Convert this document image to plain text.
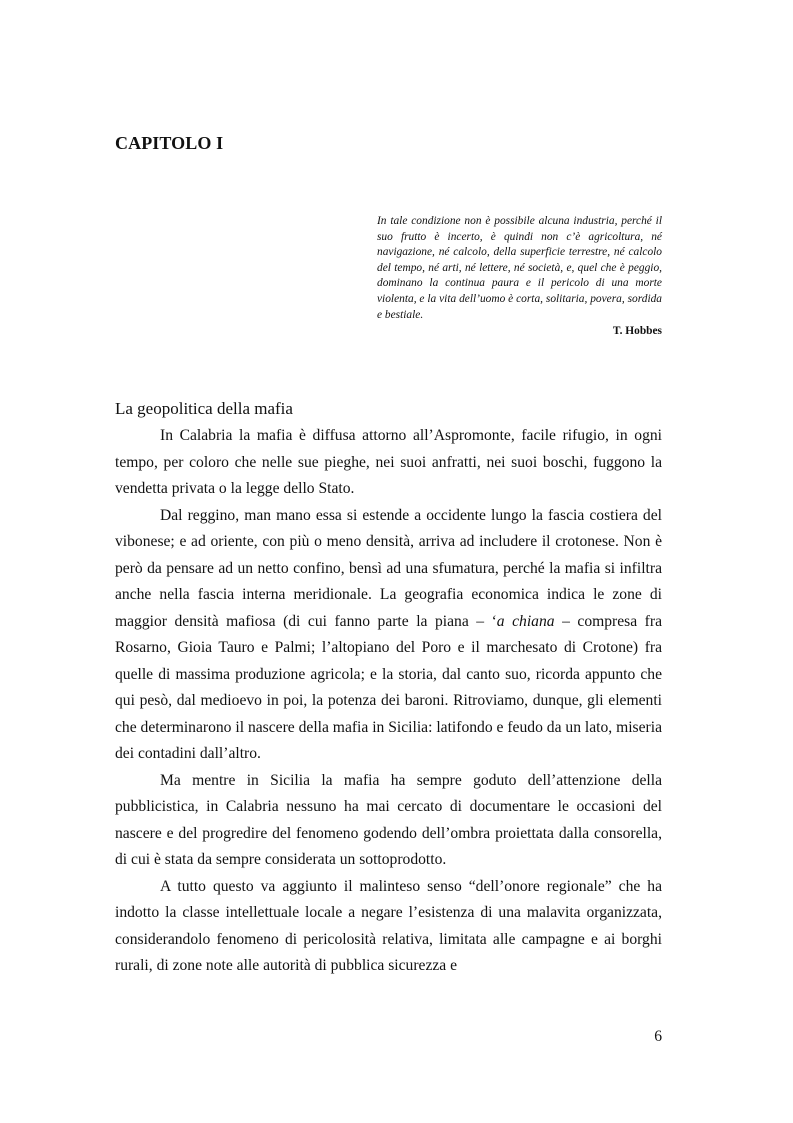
CAPITOLO I

In tale condizione non è possibile alcuna industria, perché il suo frutto è incerto, è quindi non c’è agricoltura, né navigazione, né calcolo, della superficie terrestre, né calcolo del tempo, né arti, né lettere, né società, e, quel che è peggio, dominano la continua paura e il pericolo di una morte violenta, e la vita dell’uomo è corta, solitaria, povera, sordida e bestiale.

T. Hobbes

La geopolitica della mafia

In Calabria la mafia è diffusa attorno all’Aspromonte, facile rifugio, in ogni tempo, per coloro che nelle sue pieghe, nei suoi anfratti, nei suoi boschi, fuggono la vendetta privata o la legge dello Stato.

Dal reggino, man mano essa si estende a occidente lungo la fascia costiera del vibonese; e ad oriente, con più o meno densità, arriva ad includere il crotonese. Non è però da pensare ad un netto confino, bensì ad una sfumatura, perché la mafia si infiltra anche nella fascia interna meridionale. La geografia economica indica le zone di maggior densità mafiosa (di cui fanno parte la piana – ‘a chiana – compresa fra Rosarno, Gioia Tauro e Palmi; l’altopiano del Poro e il marchesato di Crotone) fra quelle di massima produzione agricola; e la storia, dal canto suo, ricorda appunto che qui pesò, dal medioevo in poi, la potenza dei baroni. Ritroviamo, dunque, gli elementi che determinarono il nascere della mafia in Sicilia: latifondo e feudo da un lato, miseria dei contadini dall’altro.

Ma mentre in Sicilia la mafia ha sempre goduto dell’attenzione della pubblicistica, in Calabria nessuno ha mai cercato di documentare le occasioni del nascere e del progredire del fenomeno godendo dell’ombra proiettata dalla consorella, di cui è stata da sempre considerata un sottoprodotto.

A tutto questo va aggiunto il malinteso senso “dell’onore regionale” che ha indotto la classe intellettuale locale a negare l’esistenza di una malavita organizzata, considerandolo fenomeno di pericolosità relativa, limitata alle campagne e ai borghi rurali, di zone note alle autorità di pubblica sicurezza e

6
